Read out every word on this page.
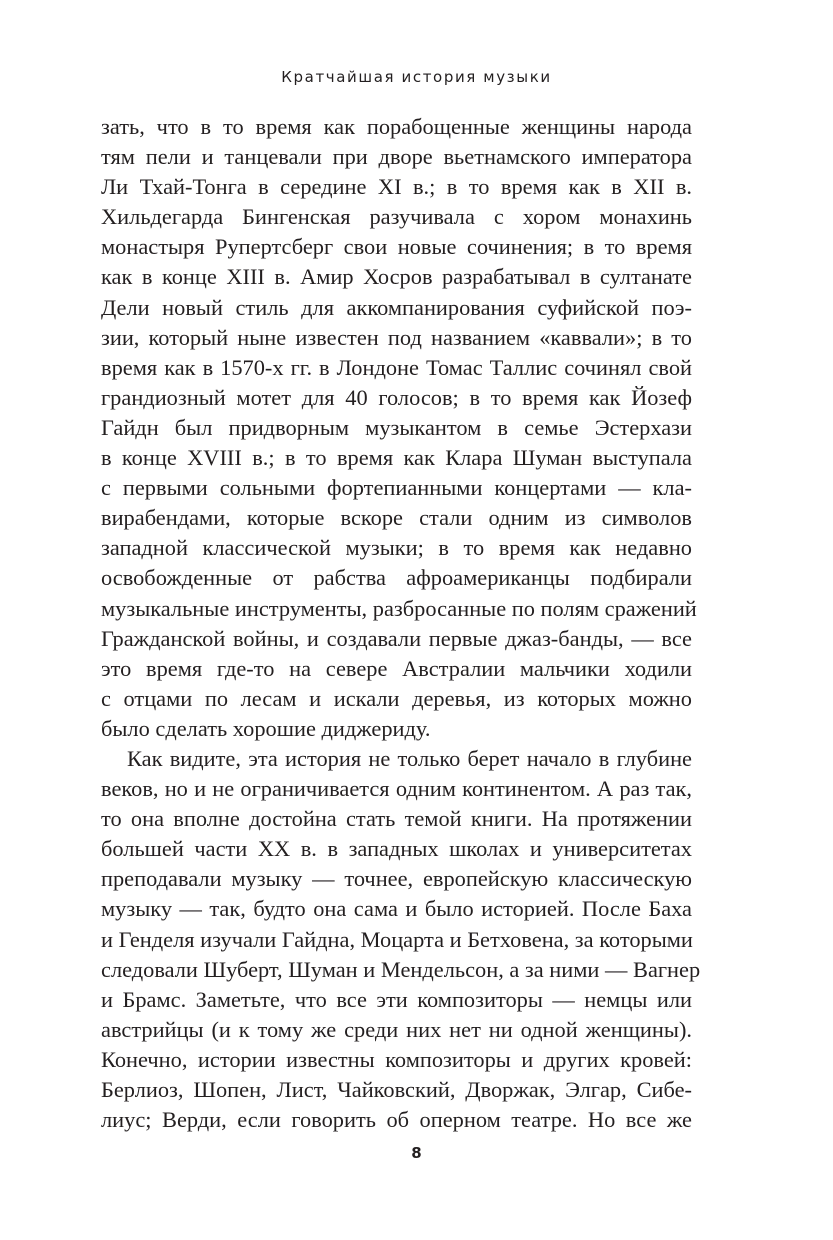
Кратчайшая история музыки
зать, что в то время как порабощенные женщины народа
тям пели и танцевали при дворе вьетнамского императора
Ли Тхай-Тонга в середине XI в.; в то время как в XII в.
Хильдегарда Бингенская разучивала с хором монахинь
монастыря Рупертсберг свои новые сочинения; в то время
как в конце XIII в. Амир Хосров разрабатывал в султанате
Дели новый стиль для аккомпанирования суфийской поэ-
зии, который ныне известен под названием «каввали»; в то
время как в 1570-х гг. в Лондоне Томас Таллис сочинял свой
грандиозный мотет для 40 голосов; в то время как Йозеф
Гайдн был придворным музыкантом в семье Эстерхази
в конце XVIII в.; в то время как Клара Шуман выступала
с первыми сольными фортепианными концертами — кла-
вирабендами, которые вскоре стали одним из символов
западной классической музыки; в то время как недавно
освобожденные от рабства афроамериканцы подбирали
музыкальные инструменты, разбросанные по полям сражений
Гражданской войны, и создавали первые джаз-банды, — все
это время где-то на севере Австралии мальчики ходили
с отцами по лесам и искали деревья, из которых можно
было сделать хорошие диджериду.
Как видите, эта история не только берет начало в глубине
веков, но и не ограничивается одним континентом. А раз так,
то она вполне достойна стать темой книги. На протяжении
большей части XX в. в западных школах и университетах
преподавали музыку — точнее, европейскую классическую
музыку — так, будто она сама и было историей. После Баха
и Генделя изучали Гайдна, Моцарта и Бетховена, за которыми
следовали Шуберт, Шуман и Мендельсон, а за ними — Вагнер
и Брамс. Заметьте, что все эти композиторы — немцы или
австрийцы (и к тому же среди них нет ни одной женщины).
Конечно, истории известны композиторы и других кровей:
Берлиоз, Шопен, Лист, Чайковский, Дворжак, Элгар, Сибе-
лиус; Верди, если говорить об оперном театре. Но все же
8
